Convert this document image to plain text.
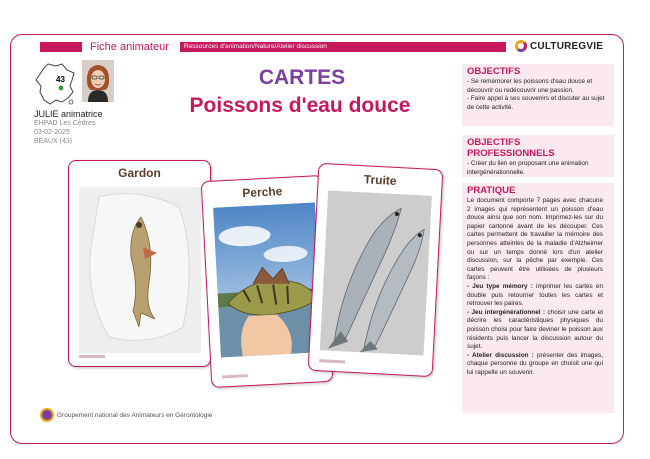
Fiche animateur Ressources d'animation/Nature/Atelier discussion	CULTUREGVIE
43
JULIE animatrice
EHPAD Les Cèdres
03-02-2025
BEAUX (43)
CARTES
Poissons d'eau douce
Gardon
Perche
Truite
OBJECTIFS

- Se remémorer les poissons d'eau douce et découvrir ou redécouvrir une passion.

- Faire appel à ses souvenirs et discuter au sujet de cette activité.

OBJECTIFS PROFESSIONNELS

- Créer du lien en proposant une animation intergénérationnelle.

PRATIQUE

Le document comporte 7 pages avec chacune 2 images qui représentent un poisson d'eau douce ainsi que son nom. Imprimez-les sur du papier cartonné avant de les découper. Ces cartes permettent de travailler la mémoire des personnes atteintes de la maladie d'Alzheimer ou sur un temps donné lors d'un atelier discussion, sur la pêche par exemple. Ces cartes peuvent être utilisées de plusieurs façons :

- Jeu type mémory : imprimer les cartes en double puis retourner toutes les cartes et retrouver les paires.

- Jeu intergénérationnel : choisir une carte et décrire les caractéristiques physiques du poisson choisi pour faire deviner le poisson aux résidents puis lancer la discussion autour du sujet.

- Atelier discussion : présenter des images, chaque personne du groupe en choisit une qui lui rappelle un souvenir.

Groupement national des Animateurs en Gérontologie
